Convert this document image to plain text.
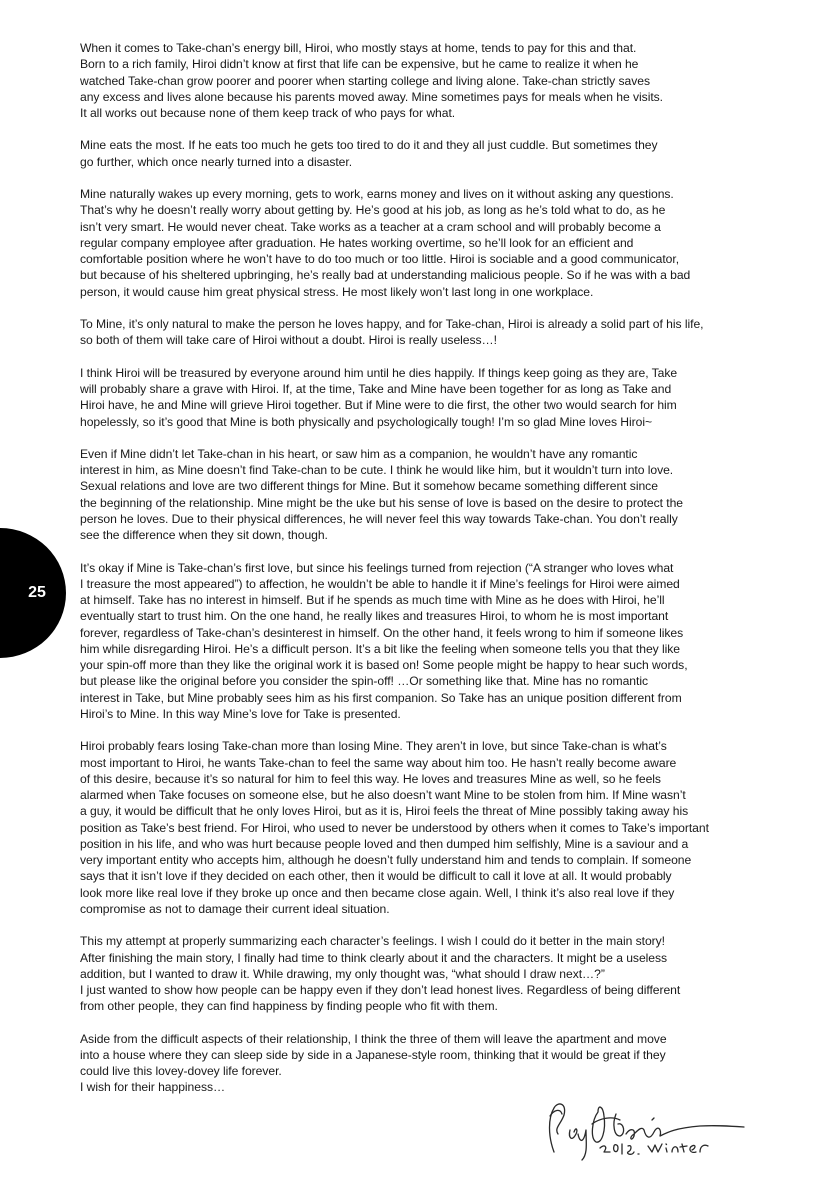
25

When it comes to Take-chan’s energy bill, Hiroi, who mostly stays at home, tends to pay for this and that.
Born to a rich family, Hiroi didn’t know at first that life can be expensive, but he came to realize it when he
watched Take-chan grow poorer and poorer when starting college and living alone. Take-chan strictly saves
any excess and lives alone because his parents moved away. Mine sometimes pays for meals when he visits.
It all works out because none of them keep track of who pays for what.

Mine eats the most. If he eats too much he gets too tired to do it and they all just cuddle. But sometimes they
go further, which once nearly turned into a disaster.

Mine naturally wakes up every morning, gets to work, earns money and lives on it without asking any questions.
That’s why he doesn’t really worry about getting by. He’s good at his job, as long as he’s told what to do, as he
isn’t very smart. He would never cheat. Take works as a teacher at a cram school and will probably become a
regular company employee after graduation. He hates working overtime, so he’ll look for an efficient and
comfortable position where he won’t have to do too much or too little. Hiroi is sociable and a good communicator,
but because of his sheltered upbringing, he’s really bad at understanding malicious people. So if he was with a bad
person, it would cause him great physical stress. He most likely won’t last long in one workplace.

To Mine, it’s only natural to make the person he loves happy, and for Take-chan, Hiroi is already a solid part of his life,
so both of them will take care of Hiroi without a doubt. Hiroi is really useless…!

I think Hiroi will be treasured by everyone around him until he dies happily. If things keep going as they are, Take
will probably share a grave with Hiroi. If, at the time, Take and Mine have been together for as long as Take and
Hiroi have, he and Mine will grieve Hiroi together. But if Mine were to die first, the other two would search for him
hopelessly, so it’s good that Mine is both physically and psychologically tough! I’m so glad Mine loves Hiroi~

Even if Mine didn’t let Take-chan in his heart, or saw him as a companion, he wouldn’t have any romantic
interest in him, as Mine doesn’t find Take-chan to be cute. I think he would like him, but it wouldn’t turn into love.
Sexual relations and love are two different things for Mine. But it somehow became something different since
the beginning of the relationship. Mine might be the uke but his sense of love is based on the desire to protect the
person he loves. Due to their physical differences, he will never feel this way towards Take-chan. You don’t really
see the difference when they sit down, though.

It’s okay if Mine is Take-chan’s first love, but since his feelings turned from rejection (“A stranger who loves what
I treasure the most appeared”) to affection, he wouldn’t be able to handle it if Mine’s feelings for Hiroi were aimed
at himself. Take has no interest in himself. But if he spends as much time with Mine as he does with Hiroi, he’ll
eventually start to trust him. On the one hand, he really likes and treasures Hiroi, to whom he is most important
forever, regardless of Take-chan’s desinterest in himself. On the other hand, it feels wrong to him if someone likes
him while disregarding Hiroi. He’s a difficult person. It’s a bit like the feeling when someone tells you that they like
your spin-off more than they like the original work it is based on! Some people might be happy to hear such words,
but please like the original before you consider the spin-off! …Or something like that. Mine has no romantic
interest in Take, but Mine probably sees him as his first companion. So Take has an unique position different from
Hiroi’s to Mine. In this way Mine’s love for Take is presented.

Hiroi probably fears losing Take-chan more than losing Mine. They aren’t in love, but since Take-chan is what’s
most important to Hiroi, he wants Take-chan to feel the same way about him too. He hasn’t really become aware
of this desire, because it’s so natural for him to feel this way. He loves and treasures Mine as well, so he feels
alarmed when Take focuses on someone else, but he also doesn’t want Mine to be stolen from him. If Mine wasn’t
a guy, it would be difficult that he only loves Hiroi, but as it is, Hiroi feels the threat of Mine possibly taking away his
position as Take’s best friend. For Hiroi, who used to never be understood by others when it comes to Take’s important
position in his life, and who was hurt because people loved and then dumped him selfishly, Mine is a saviour and a
very important entity who accepts him, although he doesn’t fully understand him and tends to complain. If someone
says that it isn’t love if they decided on each other, then it would be difficult to call it love at all. It would probably
look more like real love if they broke up once and then became close again. Well, I think it’s also real love if they
compromise as not to damage their current ideal situation.

This my attempt at properly summarizing each character’s feelings. I wish I could do it better in the main story!
After finishing the main story, I finally had time to think clearly about it and the characters. It might be a useless
addition, but I wanted to draw it. While drawing, my only thought was, “what should I draw next…?”
I just wanted to show how people can be happy even if they don’t lead honest lives. Regardless of being different
from other people, they can find happiness by finding people who fit with them.

Aside from the difficult aspects of their relationship, I think the three of them will leave the apartment and move
into a house where they can sleep side by side in a Japanese-style room, thinking that it would be great if they
could live this lovey-dovey life forever.
I wish for their happiness…
